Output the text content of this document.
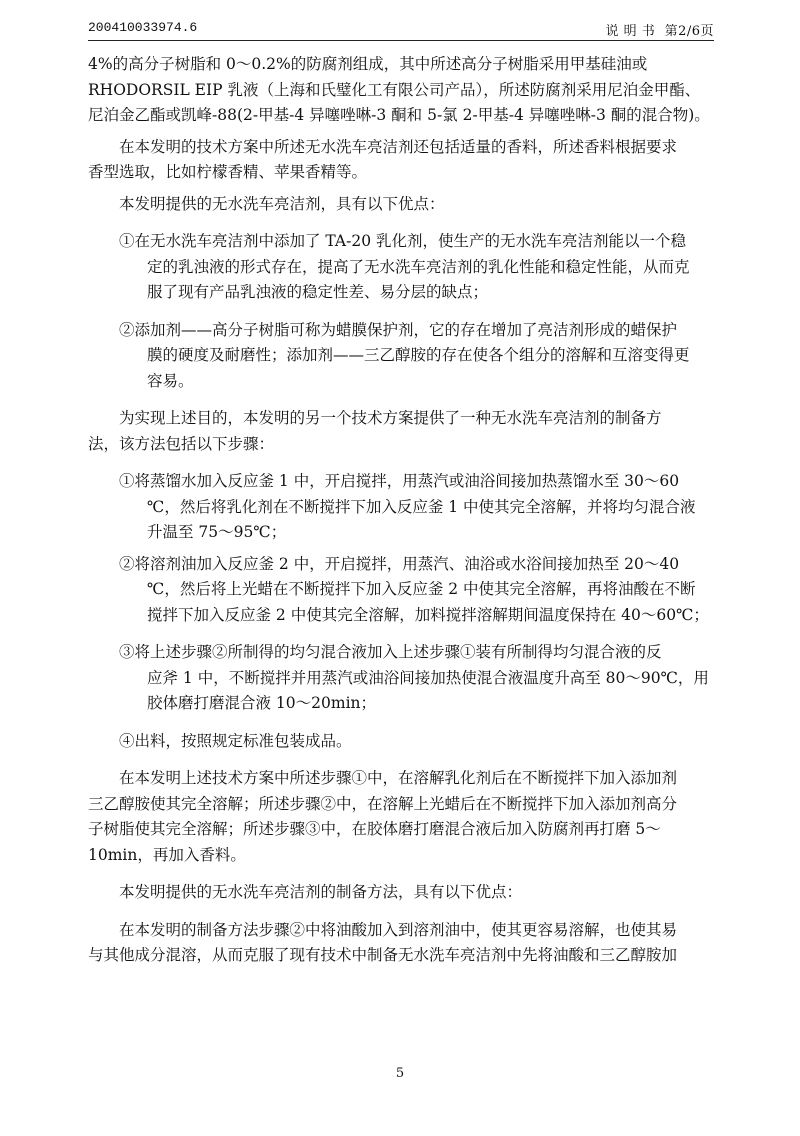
200410033974.6	说 明 书 第2/6页
4%的高分子树脂和 0～0.2%的防腐剂组成，其中所述高分子树脂采用甲基硅油或
RHODORSIL EIP 乳液（上海和氏璧化工有限公司产品），所述防腐剂采用尼泊金甲酯、
尼泊金乙酯或凯峰-88(2-甲基-4 异噻唑啉-3 酮和 5-氯 2-甲基-4 异噻唑啉-3 酮的混合物)。
在本发明的技术方案中所述无水洗车亮洁剂还包括适量的香料，所述香料根据要求
香型选取，比如柠檬香精、苹果香精等。
本发明提供的无水洗车亮洁剂，具有以下优点：
①在无水洗车亮洁剂中添加了 TA-20 乳化剂，使生产的无水洗车亮洁剂能以一个稳
定的乳浊液的形式存在，提高了无水洗车亮洁剂的乳化性能和稳定性能，从而克
服了现有产品乳浊液的稳定性差、易分层的缺点；
②添加剂——高分子树脂可称为蜡膜保护剂，它的存在增加了亮洁剂形成的蜡保护
膜的硬度及耐磨性；添加剂——三乙醇胺的存在使各个组分的溶解和互溶变得更
容易。
为实现上述目的，本发明的另一个技术方案提供了一种无水洗车亮洁剂的制备方
法，该方法包括以下步骤：
①将蒸馏水加入反应釜 1 中，开启搅拌，用蒸汽或油浴间接加热蒸馏水至 30～60
℃，然后将乳化剂在不断搅拌下加入反应釜 1 中使其完全溶解，并将均匀混合液
升温至 75～95℃；
②将溶剂油加入反应釜 2 中，开启搅拌，用蒸汽、油浴或水浴间接加热至 20～40
℃，然后将上光蜡在不断搅拌下加入反应釜 2 中使其完全溶解，再将油酸在不断
搅拌下加入反应釜 2 中使其完全溶解，加料搅拌溶解期间温度保持在 40～60℃；
③将上述步骤②所制得的均匀混合液加入上述步骤①装有所制得均匀混合液的反
应斧 1 中，不断搅拌并用蒸汽或油浴间接加热使混合液温度升高至 80～90℃，用
胶体磨打磨混合液 10～20min；
④出料，按照规定标准包装成品。
在本发明上述技术方案中所述步骤①中，在溶解乳化剂后在不断搅拌下加入添加剂
三乙醇胺使其完全溶解；所述步骤②中，在溶解上光蜡后在不断搅拌下加入添加剂高分
子树脂使其完全溶解；所述步骤③中，在胶体磨打磨混合液后加入防腐剂再打磨 5～
10min，再加入香料。
本发明提供的无水洗车亮洁剂的制备方法，具有以下优点：
在本发明的制备方法步骤②中将油酸加入到溶剂油中，使其更容易溶解，也使其易
与其他成分混溶，从而克服了现有技术中制备无水洗车亮洁剂中先将油酸和三乙醇胺加
5
